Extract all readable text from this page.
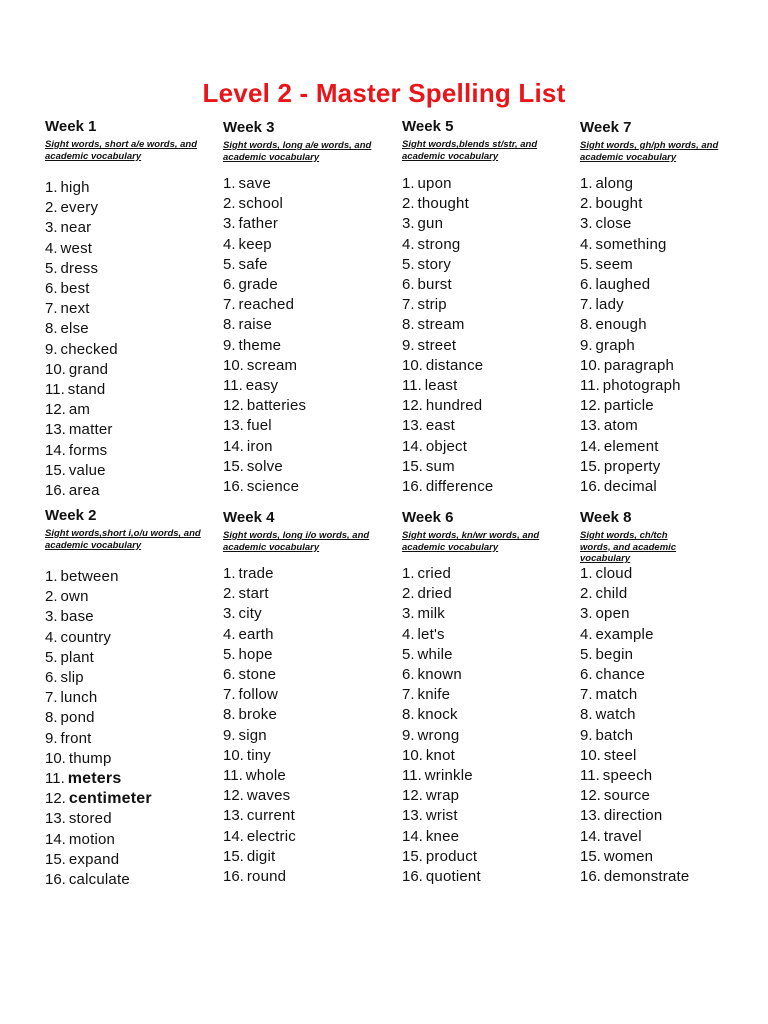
Level 2 - Master Spelling List
Week 1
Sight words, short a/e words, and academic vocabulary
1. high
2. every
3. near
4. west
5. dress
6. best
7. next
8. else
9. checked
10. grand
11. stand
12. am
13. matter
14. forms
15. value
16. area
Week 2
Sight words,short i,o/u words, and academic vocabulary
1. between
2. own
3. base
4. country
5. plant
6. slip
7. lunch
8. pond
9. front
10. thump
11. meters
12. centimeter
13. stored
14. motion
15. expand
16. calculate
Week 3
Sight words, long a/e words, and academic vocabulary
1. save
2. school
3. father
4. keep
5. safe
6. grade
7. reached
8. raise
9. theme
10. scream
11. easy
12. batteries
13. fuel
14. iron
15. solve
16. science
Week 4
Sight words, long i/o words, and academic vocabulary
1. trade
2. start
3. city
4. earth
5. hope
6. stone
7. follow
8. broke
9. sign
10. tiny
11. whole
12. waves
13. current
14. electric
15. digit
16. round
Week 5
Sight words,blends st/str, and academic vocabulary
1. upon
2. thought
3. gun
4. strong
5. story
6. burst
7. strip
8. stream
9. street
10. distance
11. least
12. hundred
13. east
14. object
15. sum
16. difference
Week 6
Sight words, kn/wr words, and academic vocabulary
1. cried
2. dried
3. milk
4. let's
5. while
6. known
7. knife
8. knock
9. wrong
10. knot
11. wrinkle
12. wrap
13. wrist
14. knee
15. product
16. quotient
Week 7
Sight words, gh/ph words, and academic vocabulary
1. along
2. bought
3. close
4. something
5. seem
6. laughed
7. lady
8. enough
9. graph
10. paragraph
11. photograph
12. particle
13. atom
14. element
15. property
16. decimal
Week 8
Sight words, ch/tch words, and academic vocabulary
1. cloud
2. child
3. open
4. example
5. begin
6. chance
7. match
8. watch
9. batch
10. steel
11. speech
12. source
13. direction
14. travel
15. women
16. demonstrate
